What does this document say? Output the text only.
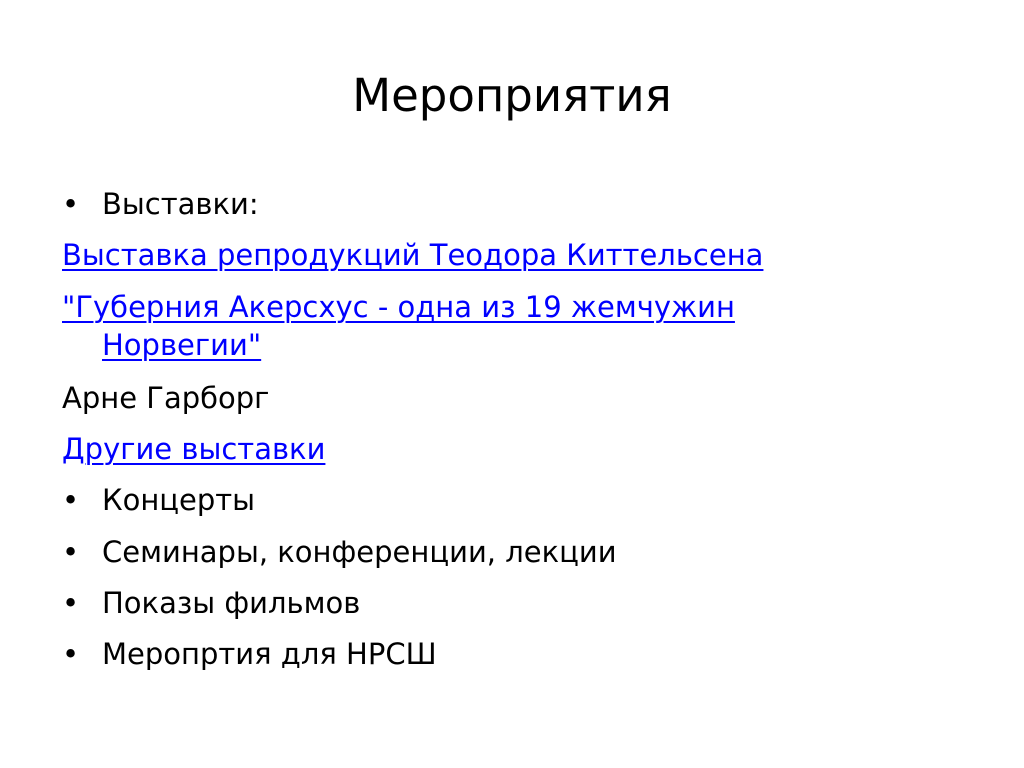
Мероприятия
• Выставки:
Выставка репродукций Теодора Киттельсена
"Губерния Акерсхус - одна из 19 жемчужин
Норвегии"
Арне Гарборг
Другие выставки
• Концерты
• Семинары, конференции, лекции
• Показы фильмов
• Меропртия для НРСШ
